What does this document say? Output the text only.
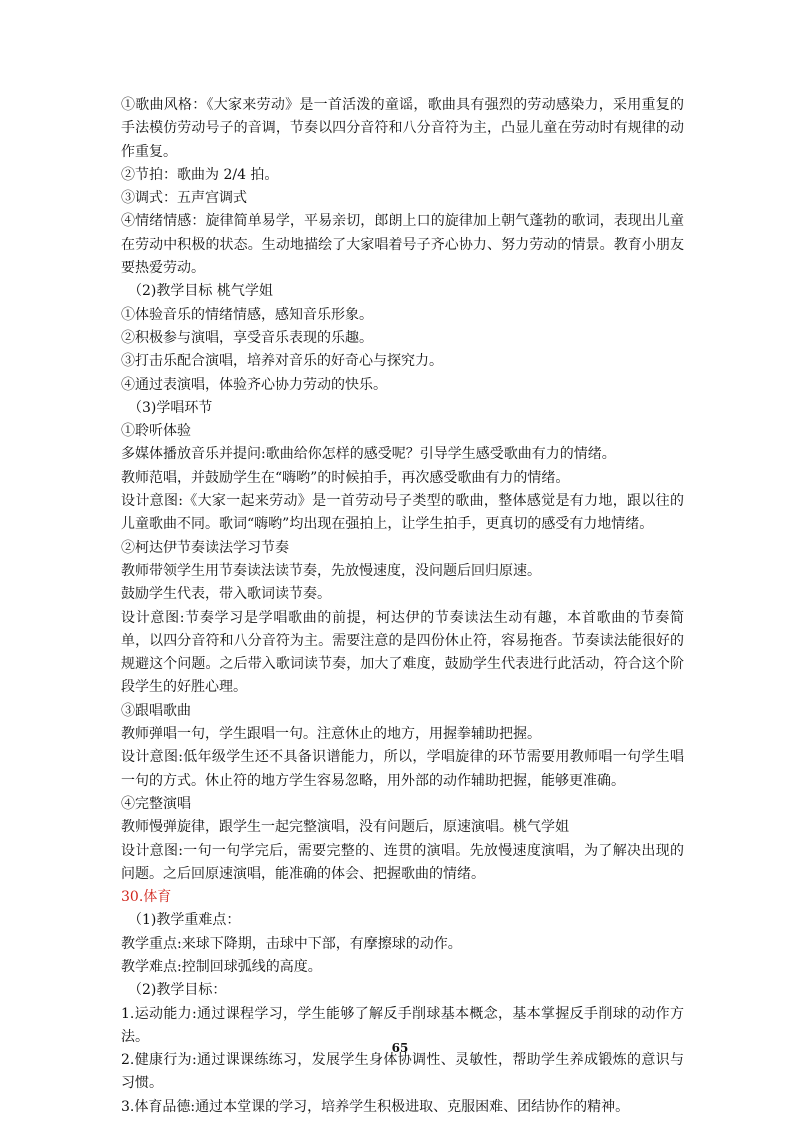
①歌曲风格：《大家来劳动》是一首活泼的童谣，歌曲具有强烈的劳动感染力，采用重复的手法模仿劳动号子的音调，节奏以四分音符和八分音符为主，凸显儿童在劳动时有规律的动作重复。
②节拍：歌曲为 2/4 拍。
③调式：五声宫调式
④情绪情感：旋律简单易学，平易亲切，郎朗上口的旋律加上朝气蓬勃的歌词，表现出儿童在劳动中积极的状态。生动地描绘了大家唱着号子齐心协力、努力劳动的情景。教育小朋友要热爱劳动。
（2)教学目标 桃气学姐
①体验音乐的情绪情感，感知音乐形象。
②积极参与演唱，享受音乐表现的乐趣。
③打击乐配合演唱，培养对音乐的好奇心与探究力。
④通过表演唱，体验齐心协力劳动的快乐。
（3)学唱环节
①聆听体验
多媒体播放音乐并提问:歌曲给你怎样的感受呢？引导学生感受歌曲有力的情绪。
教师范唱，并鼓励学生在“嗨哟”的时候拍手，再次感受歌曲有力的情绪。
设计意图:《大家一起来劳动》是一首劳动号子类型的歌曲，整体感觉是有力地，跟以往的儿童歌曲不同。歌词“嗨哟”均出现在强拍上，让学生拍手，更真切的感受有力地情绪。
②柯达伊节奏读法学习节奏
教师带领学生用节奏读法读节奏，先放慢速度，没问题后回归原速。
鼓励学生代表，带入歌词读节奏。
设计意图:节奏学习是学唱歌曲的前提，柯达伊的节奏读法生动有趣，本首歌曲的节奏简单，以四分音符和八分音符为主。需要注意的是四份休止符，容易拖沓。节奏读法能很好的规避这个问题。之后带入歌词读节奏，加大了难度，鼓励学生代表进行此活动，符合这个阶段学生的好胜心理。
③跟唱歌曲
教师弹唱一句，学生跟唱一句。注意休止的地方，用握拳辅助把握。
设计意图:低年级学生还不具备识谱能力，所以，学唱旋律的环节需要用教师唱一句学生唱一句的方式。休止符的地方学生容易忽略，用外部的动作辅助把握，能够更准确。
④完整演唱
教师慢弹旋律，跟学生一起完整演唱，没有问题后，原速演唱。桃气学姐
设计意图:一句一句学完后，需要完整的、连贯的演唱。先放慢速度演唱，为了解决出现的问题。之后回原速演唱，能准确的体会、把握歌曲的情绪。
30.体育
（1)教学重难点：
教学重点:来球下降期，击球中下部，有摩擦球的动作。
教学难点:控制回球弧线的高度。
（2)教学目标：
1.运动能力:通过课程学习，学生能够了解反手削球基本概念，基本掌握反手削球的动作方法。
2.健康行为:通过课课练练习，发展学生身体协调性、灵敏性，帮助学生养成锻炼的意识与习惯。
3.体育品德:通过本堂课的学习，培养学生积极进取、克服困难、团结协作的精神。
65
